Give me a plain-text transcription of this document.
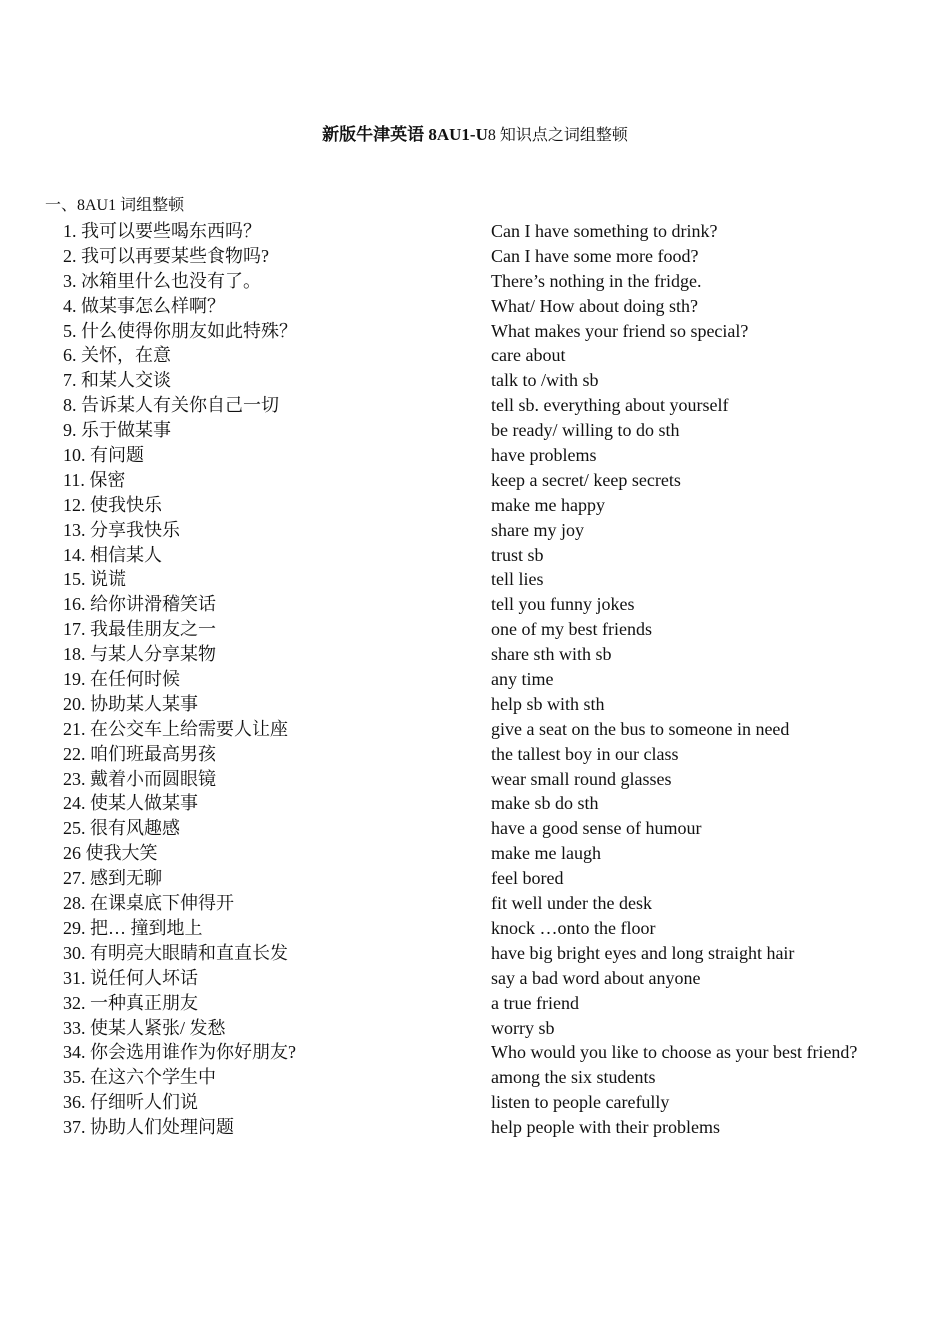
新版牛津英语 8AU1-U8 知识点之词组整顿
一、8AU1 词组整顿
1. 我可以要些喝东西吗？	Can I have something to drink?
2. 我可以再要某些食物吗?	Can I have some more food?
3. 冰箱里什么也没有了。	There’s nothing in the fridge.
4. 做某事怎么样啊？	What/ How about doing sth?
5. 什么使得你朋友如此特殊？	What makes your friend so special?
6. 关怀，在意	care about
7. 和某人交谈	talk to /with sb
8. 告诉某人有关你自己一切	tell sb. everything about yourself
9. 乐于做某事	be ready/ willing to do sth
10. 有问题	have problems
11. 保密	keep a secret/ keep secrets
12. 使我快乐	make me happy
13. 分享我快乐	share my joy
14. 相信某人	trust sb
15. 说谎	tell lies
16. 给你讲滑稽笑话	tell you funny jokes
17. 我最佳朋友之一	one of my best friends
18. 与某人分享某物	share sth with sb
19. 在任何时候	any time
20. 协助某人某事	help sb with sth
21. 在公交车上给需要人让座	give a seat on the bus to someone in need
22. 咱们班最高男孩	the tallest boy in our class
23. 戴着小而圆眼镜	wear small round glasses
24. 使某人做某事	make sb do sth
25. 很有风趣感	have a good sense of humour
26 使我大笑	make me laugh
27. 感到无聊	feel bored
28. 在课桌底下伸得开	fit well under the desk
29. 把… 撞到地上	knock …onto the floor
30. 有明亮大眼睛和直直长发	have big bright eyes and long straight hair
31. 说任何人坏话	say a bad word about anyone
32. 一种真正朋友	a true friend
33. 使某人紧张/ 发愁	worry sb
34. 你会选用谁作为你好朋友?	Who would you like to choose as your best friend?
35. 在这六个学生中	among the six students
36. 仔细听人们说	listen to people carefully
37. 协助人们处理问题	help people with their problems
